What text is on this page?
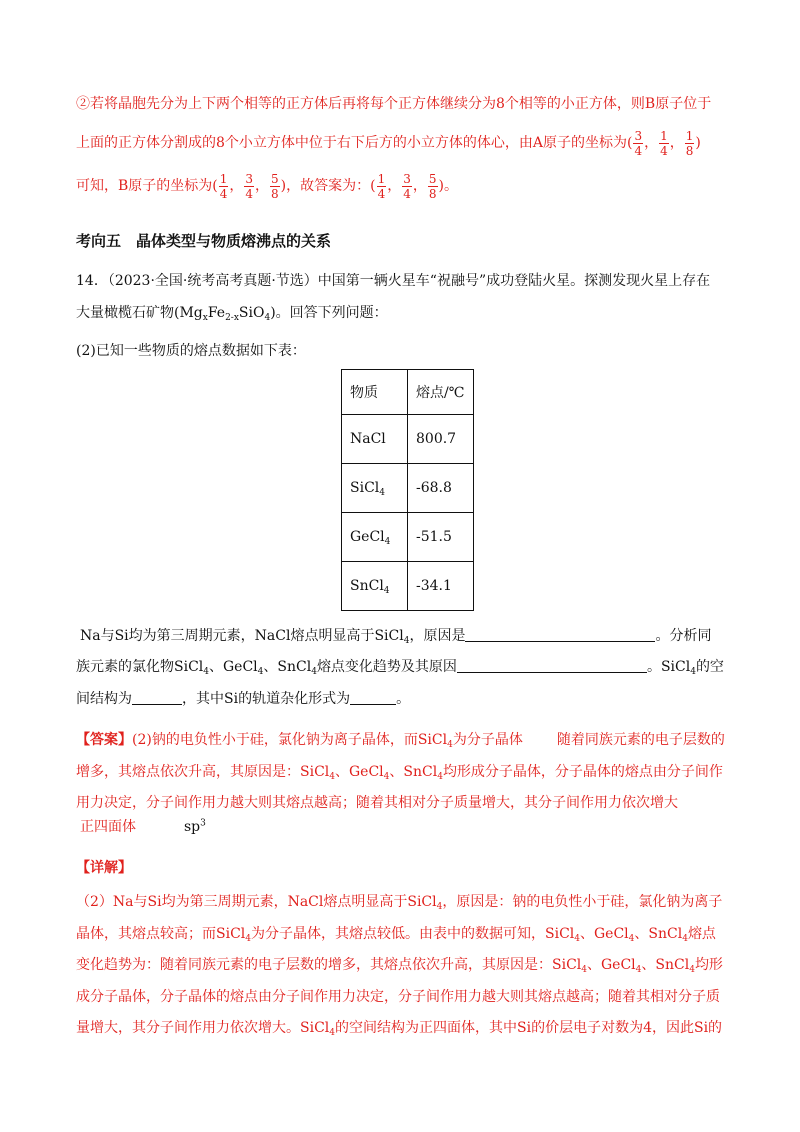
②若将晶胞先分为上下两个相等的正方体后再将每个正方体继续分为8个相等的小正方体，则B原子位于
上面的正方体分割成的8个小立方体中位于右下后方的小立方体的体心，由A原子的坐标为( $\frac{3}{4}$ ， $\frac{1}{4}$ ， $\frac{1}{8}$ )
可知，B原子的坐标为( $\frac{1}{4}$ ， $\frac{3}{4}$ ， $\frac{5}{8}$ )，故答案为：( $\frac{1}{4}$ ， $\frac{3}{4}$ ， $\frac{5}{8}$ )。
考向五　晶体类型与物质熔沸点的关系
14．（2023·全国·统考高考真题·节选）中国第一辆火星车“祝融号”成功登陆火星。探测发现火星上存在
大量橄榄石矿物$(Mg_xFe_{2-x}SiO_4)$。回答下列问题：
(2)已知一些物质的熔点数据如下表：
物质	熔点/℃
NaCl	800.7
SiCl$_4$	-68.8
GeCl$_4$	-51.5
SnCl$_4$	-34.1
Na与Si均为第三周期元素，NaCl熔点明显高于SiCl$_4$，原因是	。分析同
族元素的氯化物SiCl$_4$、GeCl$_4$、SnCl$_4$熔点变化趋势及其原因	。SiCl$_4$的空
间结构为	，其中Si的轨道杂化形式为	。
【答案】(2)钠的电负性小于硅，氯化钠为离子晶体，而SiCl$_4$为分子晶体 随着同族元素的电子层数的
增多，其熔点依次升高，其原因是：SiCl$_4$、GeCl$_4$、SnCl$_4$均形成分子晶体，分子晶体的熔点由分子间作
用力决定，分子间作用力越大则其熔点越高；随着其相对分子质量增大，其分子间作用力依次增大
正四面体	$sp^3$
【详解】
（2）Na与Si均为第三周期元素，NaCl熔点明显高于SiCl$_4$，原因是：钠的电负性小于硅，氯化钠为离子
晶体，其熔点较高；而SiCl$_4$为分子晶体，其熔点较低。由表中的数据可知，SiCl$_4$、GeCl$_4$、SnCl$_4$熔点
变化趋势为：随着同族元素的电子层数的增多，其熔点依次升高，其原因是：SiCl$_4$、GeCl$_4$、SnCl$_4$均形
成分子晶体，分子晶体的熔点由分子间作用力决定，分子间作用力越大则其熔点越高；随着其相对分子质
量增大，其分子间作用力依次增大。SiCl$_4$的空间结构为正四面体，其中Si的价层电子对数为4，因此Si的
